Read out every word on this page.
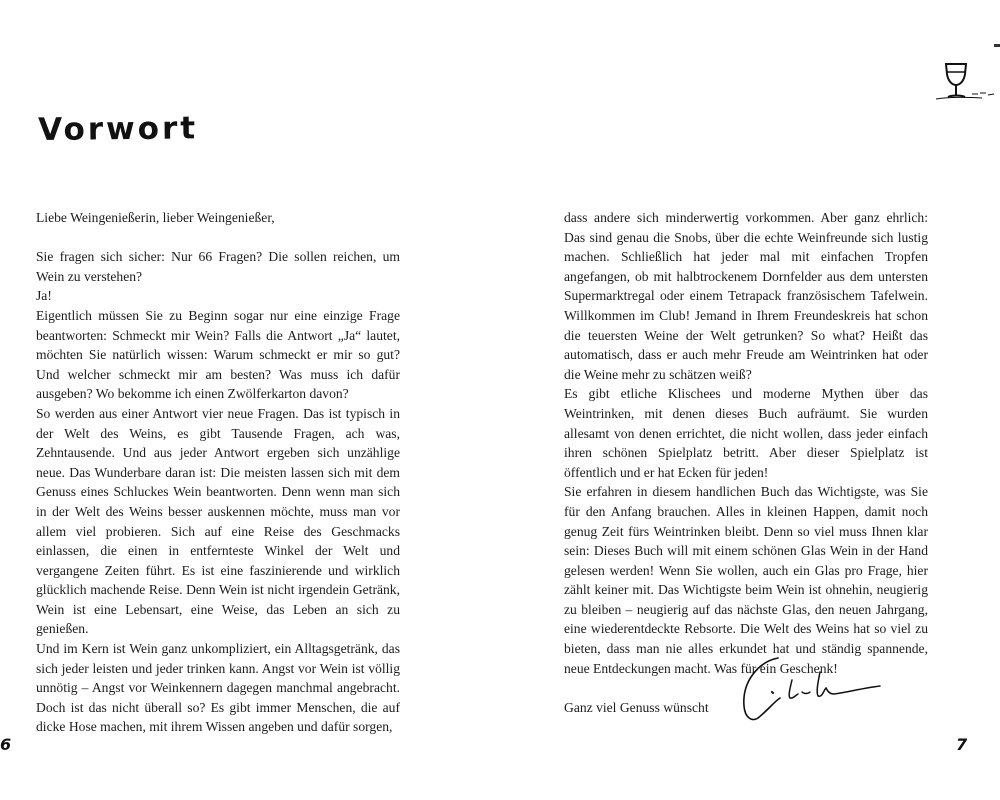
Vorwort

Liebe Weingenießerin, lieber Weingenießer,

Sie fragen sich sicher: Nur 66 Fragen? Die sollen reichen, um Wein zu verstehen?

Ja!

Eigentlich müssen Sie zu Beginn sogar nur eine einzige Frage beantworten: Schmeckt mir Wein? Falls die Antwort „Ja“ lautet, möchten Sie natürlich wissen: Warum schmeckt er mir so gut? Und welcher schmeckt mir am besten? Was muss ich dafür ausgeben? Wo bekomme ich einen Zwölferkarton davon?

So werden aus einer Antwort vier neue Fragen. Das ist typisch in der Welt des Weins, es gibt Tausende Fragen, ach was, Zehntausende. Und aus jeder Antwort ergeben sich unzählige neue. Das Wunderbare daran ist: Die meisten lassen sich mit dem Genuss eines Schluckes Wein beantworten. Denn wenn man sich in der Welt des Weins besser auskennen möchte, muss man vor allem viel probieren. Sich auf eine Reise des Geschmacks einlassen, die einen in entfernteste Winkel der Welt und vergangene Zeiten führt. Es ist eine faszinierende und wirklich glücklich machende Reise. Denn Wein ist nicht irgendein Getränk, Wein ist eine Lebensart, eine Weise, das Leben an sich zu genießen.

Und im Kern ist Wein ganz unkompliziert, ein Alltagsgetränk, das sich jeder leisten und jeder trinken kann. Angst vor Wein ist völlig unnötig – Angst vor Weinkennern dagegen manchmal angebracht. Doch ist das nicht überall so? Es gibt immer Menschen, die auf dicke Hose machen, mit ihrem Wissen angeben und dafür sorgen,

dass andere sich minderwertig vorkommen. Aber ganz ehrlich: Das sind genau die Snobs, über die echte Weinfreunde sich lustig machen. Schließlich hat jeder mal mit einfachen Tropfen angefangen, ob mit halbtrockenem Dornfelder aus dem untersten Supermarktregal oder einem Tetrapack französischem Tafelwein. Willkommen im Club! Jemand in Ihrem Freundeskreis hat schon die teuersten Weine der Welt getrunken? So what? Heißt das automatisch, dass er auch mehr Freude am Weintrinken hat oder die Weine mehr zu schätzen weiß?

Es gibt etliche Klischees und moderne Mythen über das Weintrinken, mit denen dieses Buch aufräumt. Sie wurden allesamt von denen errichtet, die nicht wollen, dass jeder einfach ihren schönen Spielplatz betritt. Aber dieser Spielplatz ist öffentlich und er hat Ecken für jeden!

Sie erfahren in diesem handlichen Buch das Wichtigste, was Sie für den Anfang brauchen. Alles in kleinen Happen, damit noch genug Zeit fürs Weintrinken bleibt. Denn so viel muss Ihnen klar sein: Dieses Buch will mit einem schönen Glas Wein in der Hand gelesen werden! Wenn Sie wollen, auch ein Glas pro Frage, hier zählt keiner mit. Das Wichtigste beim Wein ist ohnehin, neugierig zu bleiben – neugierig auf das nächste Glas, den neuen Jahrgang, eine wiederentdeckte Rebsorte. Die Welt des Weins hat so viel zu bieten, dass man nie alles erkundet hat und ständig spannende, neue Entdeckungen macht. Was für ein Geschenk!

Ganz viel Genuss wünscht

6	7
